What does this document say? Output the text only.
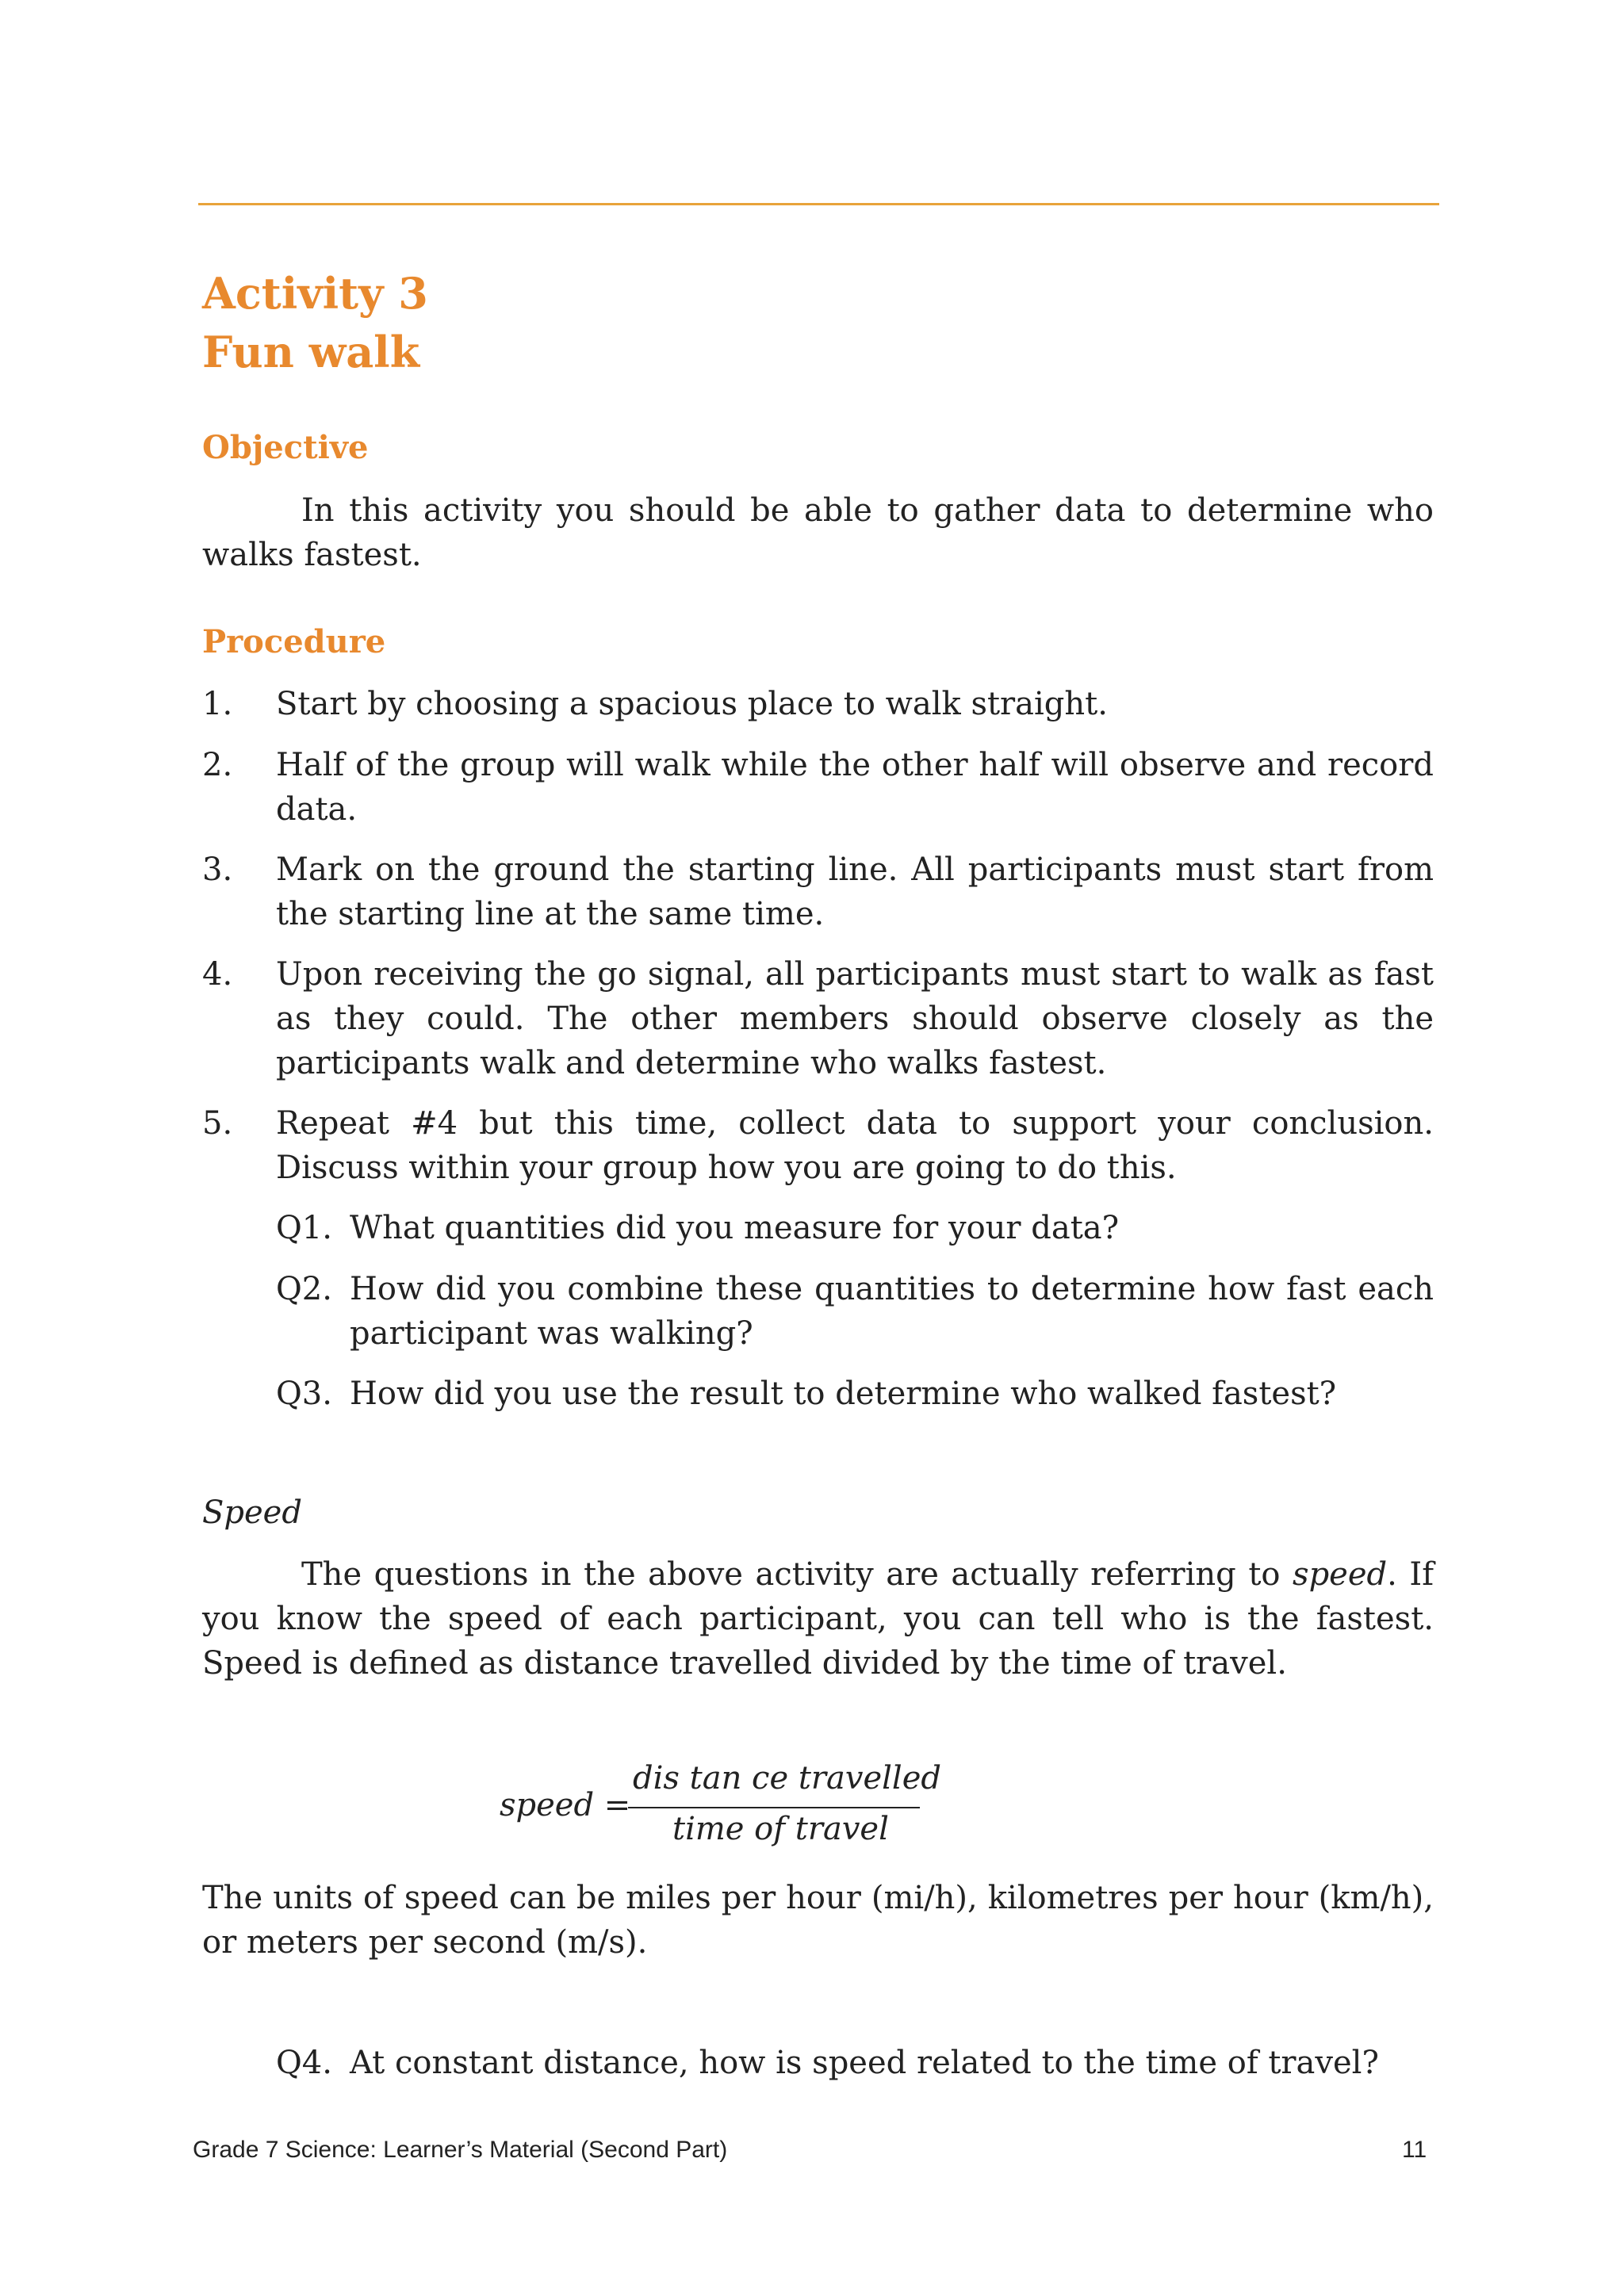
Activity 3
Fun walk
Objective

In this activity you should be able to gather data to determine who walks fastest.

Procedure
1. Start by choosing a spacious place to walk straight.
2. Half of the group will walk while the other half will observe and record data.
3. Mark on the ground the starting line. All participants must start from the starting line at the same time.
4. Upon receiving the go signal, all participants must start to walk as fast as they could. The other members should observe closely as the participants walk and determine who walks fastest.
5. Repeat #4 but this time, collect data to support your conclusion. Discuss within your group how you are going to do this.
Q1. What quantities did you measure for your data?
Q2. How did you combine these quantities to determine how fast each participant was walking?
Q3. How did you use the result to determine who walked fastest?
Speed

The questions in the above activity are actually referring to speed. If you know the speed of each participant, you can tell who is the fastest. Speed is defined as distance travelled divided by the time of travel.

speed =
dis tan ce travelled
time of travel

The units of speed can be miles per hour (mi/h), kilometres per hour (km/h), or meters per second (m/s).

Q4. At constant distance, how is speed related to the time of travel?
Grade 7 Science: Learner’s Material (Second Part)	11
